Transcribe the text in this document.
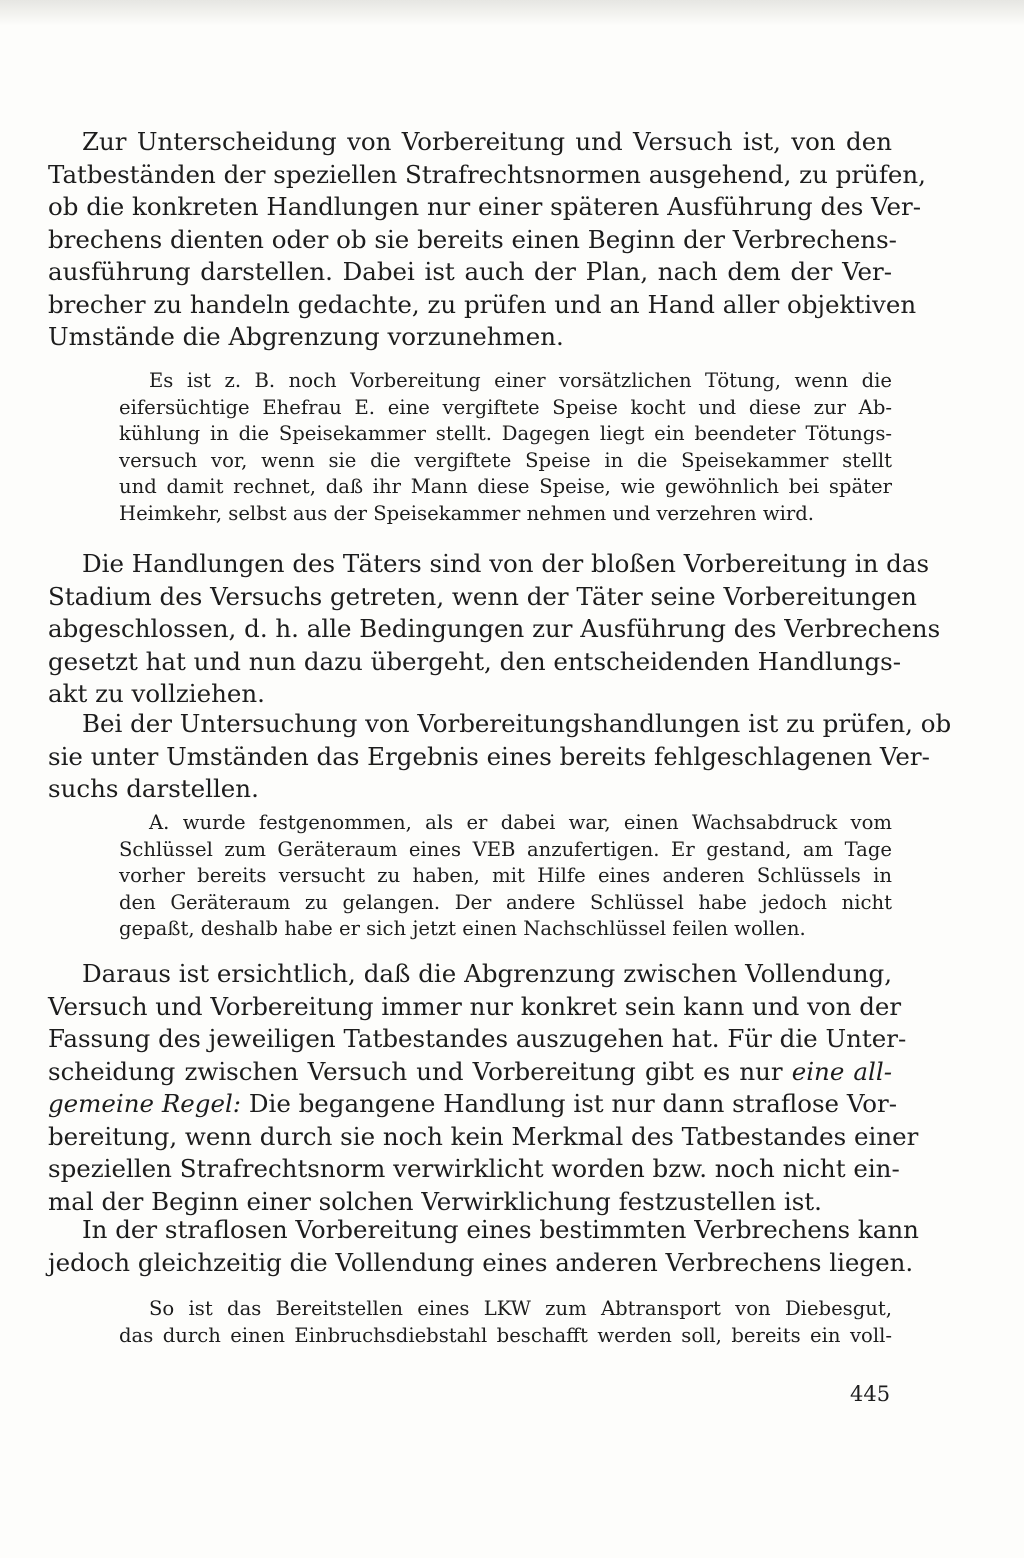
Zur Unterscheidung von Vorbereitung und Versuch ist, von den
Tatbeständen der speziellen Strafrechtsnormen ausgehend, zu prüfen,
ob die konkreten Handlungen nur einer späteren Ausführung des Ver-
brechens dienten oder ob sie bereits einen Beginn der Verbrechens-
ausführung darstellen. Dabei ist auch der Plan, nach dem der Ver-
brecher zu handeln gedachte, zu prüfen und an Hand aller objektiven
Umstände die Abgrenzung vorzunehmen.
Es ist z. B. noch Vorbereitung einer vorsätzlichen Tötung, wenn die
eifersüchtige Ehefrau E. eine vergiftete Speise kocht und diese zur Ab-
kühlung in die Speisekammer stellt. Dagegen liegt ein beendeter Tötungs-
versuch vor, wenn sie die vergiftete Speise in die Speisekammer stellt
und damit rechnet, daß ihr Mann diese Speise, wie gewöhnlich bei später
Heimkehr, selbst aus der Speisekammer nehmen und verzehren wird.
Die Handlungen des Täters sind von der bloßen Vorbereitung in das
Stadium des Versuchs getreten, wenn der Täter seine Vorbereitungen
abgeschlossen, d. h. alle Bedingungen zur Ausführung des Verbrechens
gesetzt hat und nun dazu übergeht, den entscheidenden Handlungs-
akt zu vollziehen.
Bei der Untersuchung von Vorbereitungshandlungen ist zu prüfen, ob
sie unter Umständen das Ergebnis eines bereits fehlgeschlagenen Ver-
suchs darstellen.
A. wurde festgenommen, als er dabei war, einen Wachsabdruck vom
Schlüssel zum Geräteraum eines VEB anzufertigen. Er gestand, am Tage
vorher bereits versucht zu haben, mit Hilfe eines anderen Schlüssels in
den Geräteraum zu gelangen. Der andere Schlüssel habe jedoch nicht
gepaßt, deshalb habe er sich jetzt einen Nachschlüssel feilen wollen.
Daraus ist ersichtlich, daß die Abgrenzung zwischen Vollendung,
Versuch und Vorbereitung immer nur konkret sein kann und von der
Fassung des jeweiligen Tatbestandes auszugehen hat. Für die Unter-
scheidung zwischen Versuch und Vorbereitung gibt es nur eine all-
gemeine Regel: Die begangene Handlung ist nur dann straflose Vor-
bereitung, wenn durch sie noch kein Merkmal des Tatbestandes einer
speziellen Strafrechtsnorm verwirklicht worden bzw. noch nicht ein-
mal der Beginn einer solchen Verwirklichung festzustellen ist.
In der straflosen Vorbereitung eines bestimmten Verbrechens kann
jedoch gleichzeitig die Vollendung eines anderen Verbrechens liegen.
So ist das Bereitstellen eines LKW zum Abtransport von Diebesgut,
das durch einen Einbruchsdiebstahl beschafft werden soll, bereits ein voll-
445
